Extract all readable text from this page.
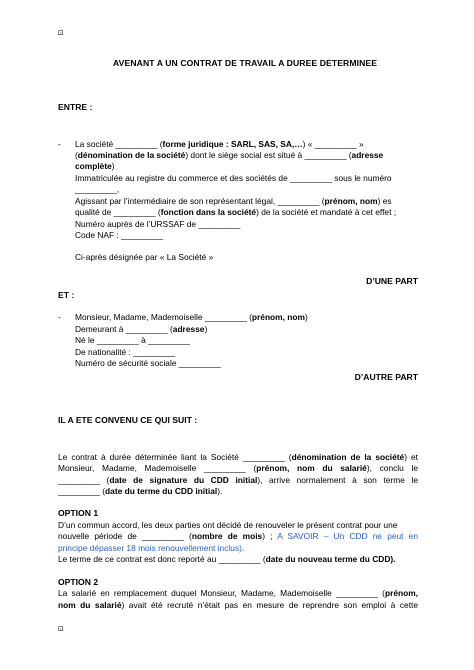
⊡
AVENANT A UN CONTRAT DE TRAVAIL A DUREE DETERMINEE
ENTRE :
- La société _________ (forme juridique : SARL, SAS, SA,…) « _________ »
(dénomination de la société) dont le siège social est situé à _________ (adresse
complète)
Immatriculée au registre du commerce et des sociétés de _________ sous le numéro
_________,
Agissant par l’intermédiaire de son représentant légal, _________ (prénom, nom) es
qualité de _________ (fonction dans la société) de la société et mandaté à cet effet ;
Numéro auprès de l’URSSAF de _________
Code NAF : _________
Ci-après désignée par « La Société »
D’UNE PART
ET :
- Monsieur, Madame, Mademoiselle _________ (prénom, nom)
Demeurant à _________ (adresse)
Né le _________ à _________
De nationalité : _________
Numéro de sécurité sociale _________
D’AUTRE PART
IL A ETE CONVENU CE QUI SUIT :
Le contrat à durée déterminée liant la Société _________ (dénomination de la société) et
Monsieur, Madame, Mademoiselle _________ (prénom, nom du salarié), conclu le
_________ (date de signature du CDD initial), arrive normalement à son terme le
_________ (date du terme du CDD initial).
OPTION 1
D’un commun accord, les deux parties ont décidé de renouveler le présent contrat pour une
nouvelle période de _________ (nombre de mois) ; A SAVOIR – Un CDD ne peut en
principe dépasser 18 mois renouvellement inclus).
Le terme de ce contrat est donc reporté au _________ (date du nouveau terme du CDD).
OPTION 2
La salarié en remplacement duquel Monsieur, Madame, Mademoiselle _________ (prénom,
nom du salarié) avait été recruté n’était pas en mesure de reprendre son emploi à cette
⊡
